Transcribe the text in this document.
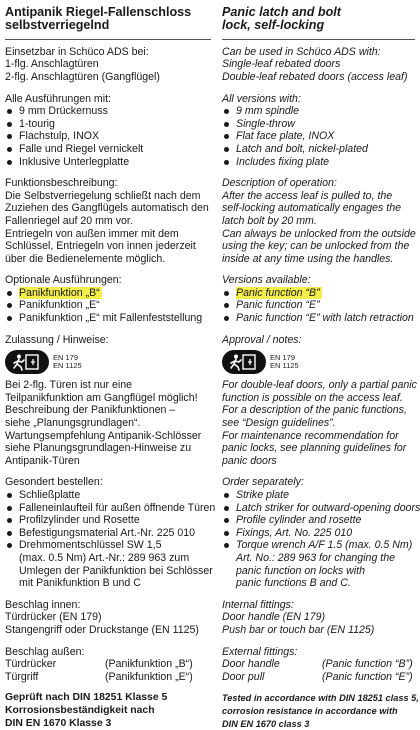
Antipanik Riegel-Fallenschloss
selbstverriegelnd
Einsetzbar in Schüco ADS bei:
1-flg. Anschlagtüren
2-flg. Anschlagtüren (Gangflügel)
Alle Ausführungen mit:
9 mm Drückernuss
1-tourig
Flachstulp, INOX
Falle und Riegel vernickelt
Inklusive Unterlegplatte
Funktionsbeschreibung:
Die Selbstverriegelung schließt nach dem
Zuziehen des Gangflügels automatisch den
Fallenriegel auf 20 mm vor.
Entriegeln von außen immer mit dem
Schlüssel, Entriegeln von innen jederzeit
über die Bedienelemente möglich.
Optionale Ausführungen:
Panikfunktion „B“
Panikfunktion „E“
Panikfunktion „E“ mit Fallenfeststellung
Zulassung / Hinweise:
EN 179
EN 1125
Bei 2-flg. Türen ist nur eine
Teilpanikfunktion am Gangflügel möglich!
Beschreibung der Panikfunktionen –
siehe „Planungsgrundlagen“.
Wartungsempfehlung Antipanik-Schlösser
siehe Planungsgrundlagen-Hinweise zu
Antipanik-Türen
Gesondert bestellen:
Schließplatte
Falleneinlaufteil für außen öffnende Türen
Profilzylinder und Rosette
Befestigungsmaterial Art.-Nr. 225 010
Drehmomentschlüssel SW 1,5
(max. 0.5 Nm) Art.-Nr.: 289 963 zum
Umlegen der Panikfunktion bei Schlösser
mit Panikfunktion B und C
Beschlag innen:
Türdrücker (EN 179)
Stangengriff oder Druckstange (EN 1125)
Beschlag außen:
Türdrücker	(Panikfunktion „B“)
Türgriff	(Panikfunktion „E“)
Geprüft nach DIN 18251 Klasse 5
Korrosionsbeständigkeit nach
DIN EN 1670 Klasse 3
Panic latch and bolt
lock, self-locking
Can be used in Schüco ADS with:
Single-leaf rebated doors
Double-leaf rebated doors (access leaf)
All versions with:
9 mm spindle
Single-throw
Flat face plate, INOX
Latch and bolt, nickel-plated
Includes fixing plate
Description of operation:
After the access leaf is pulled to, the
self-locking automatically engages the
latch bolt by 20 mm.
Can always be unlocked from the outside
using the key; can be unlocked from the
inside at any time using the handles.
Versions available:
Panic function “B”
Panic function “E”
Panic function “E” with latch retraction
Approval / notes:
EN 179
EN 1125
For double-leaf doors, only a partial panic
function is possible on the access leaf.
For a description of the panic functions,
see “Design guidelines”.
For maintenance recommendation for
panic locks, see planning guidelines for
panic doors
Order separately:
Strike plate
Latch striker for outward-opening doors
Profile cylinder and rosette
Fixings, Art. No. 225 010
Torque wrench A/F 1.5 (max. 0.5 Nm)
Art. No.: 289 963 for changing the
panic function on locks with
panic functions B and C.
Internal fittings:
Door handle (EN 179)
Push bar or touch bar (EN 1125)
External fittings:
Door handle	(Panic function “B”)
Door pull	(Panic function “E”)
Tested in accordance with DIN 18251 class 5,
corrosion resistance in accordance with
DIN EN 1670 class 3
